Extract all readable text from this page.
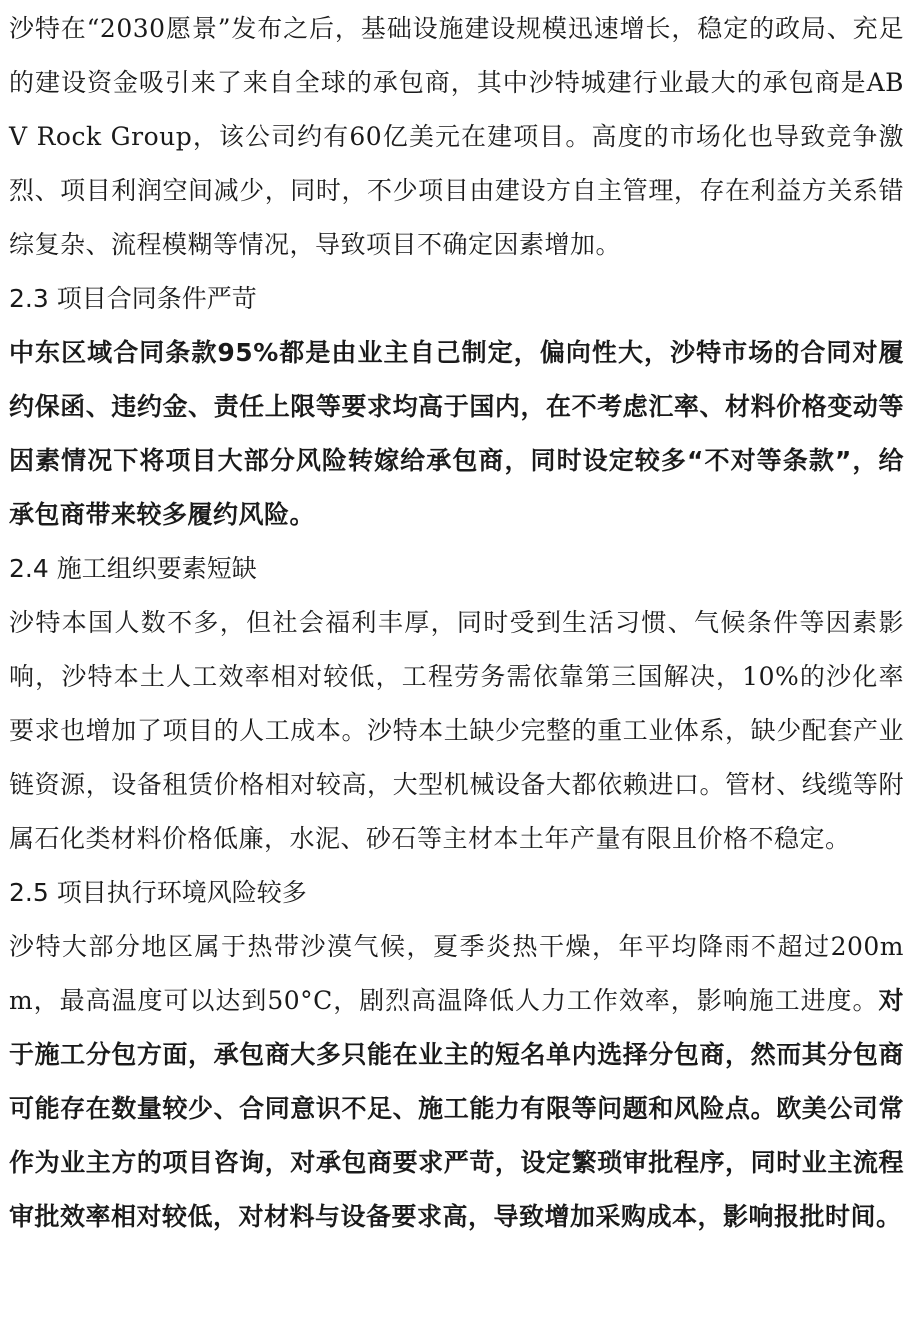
沙特在“2030愿景”发布之后，基础设施建设规模迅速增长，稳定的政局、充足的建设资金吸引来了来自全球的承包商，其中沙特城建行业最大的承包商是ABV Rock Group，该公司约有60亿美元在建项目。高度的市场化也导致竞争激烈、项目利润空间减少，同时，不少项目由建设方自主管理，存在利益方关系错综复杂、流程模糊等情况，导致项目不确定因素增加。

2.3 项目合同条件严苛

中东区域合同条款95%都是由业主自己制定，偏向性大，沙特市场的合同对履约保函、违约金、责任上限等要求均高于国内，在不考虑汇率、材料价格变动等因素情况下将项目大部分风险转嫁给承包商，同时设定较多“不对等条款”，给承包商带来较多履约风险。

2.4 施工组织要素短缺

沙特本国人数不多，但社会福利丰厚，同时受到生活习惯、气候条件等因素影响，沙特本土人工效率相对较低，工程劳务需依靠第三国解决，10%的沙化率要求也增加了项目的人工成本。沙特本土缺少完整的重工业体系，缺少配套产业链资源，设备租赁价格相对较高，大型机械设备大都依赖进口。管材、线缆等附属石化类材料价格低廉，水泥、砂石等主材本土年产量有限且价格不稳定。

2.5 项目执行环境风险较多

沙特大部分地区属于热带沙漠气候，夏季炎热干燥，年平均降雨不超过200mm，最高温度可以达到50°C，剧烈高温降低人力工作效率，影响施工进度。对于施工分包方面，承包商大多只能在业主的短名单内选择分包商，然而其分包商可能存在数量较少、合同意识不足、施工能力有限等问题和风险点。欧美公司常作为业主方的项目咨询，对承包商要求严苛，设定繁琐审批程序，同时业主流程审批效率相对较低，对材料与设备要求高，导致增加采购成本，影响报批时间。
